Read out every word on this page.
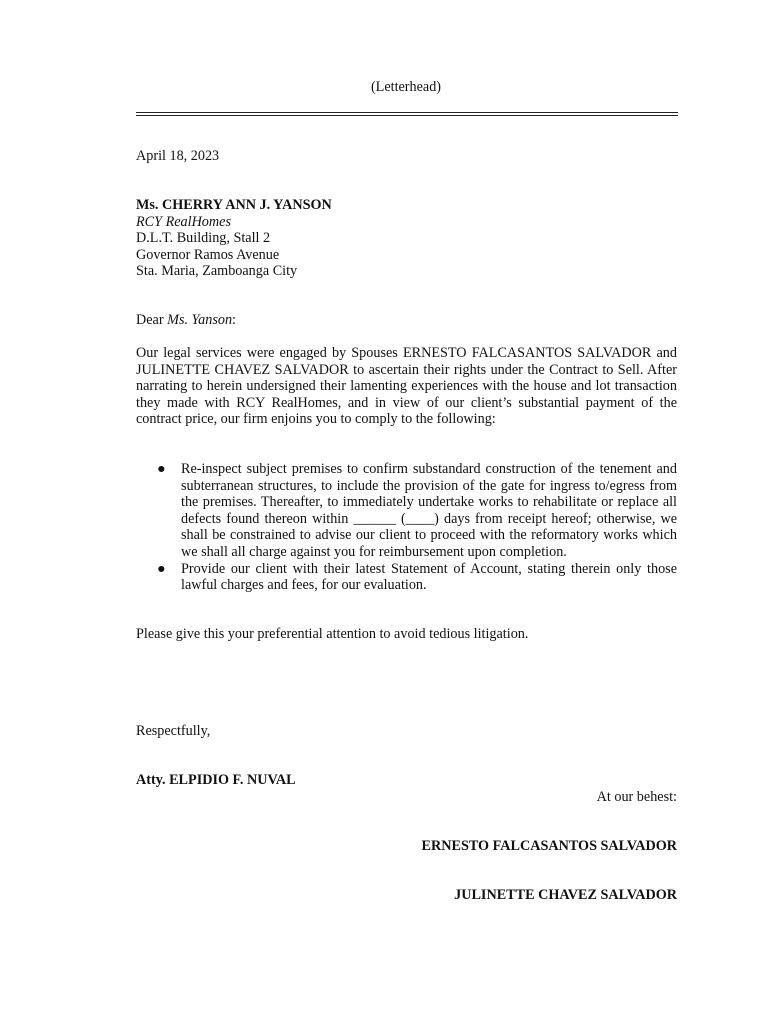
(Letterhead)
April 18, 2023
Ms. CHERRY ANN J. YANSON
RCY RealHomes
D.L.T. Building, Stall 2
Governor Ramos Avenue
Sta. Maria, Zamboanga City
Dear Ms. Yanson:
Our legal services were engaged by Spouses ERNESTO FALCASANTOS SALVADOR and JULINETTE CHAVEZ SALVADOR to ascertain their rights under the Contract to Sell. After narrating to herein undersigned their lamenting experiences with the house and lot transaction they made with RCY RealHomes, and in view of our client’s substantial payment of the contract price, our firm enjoins you to comply to the following:
● Re-inspect subject premises to confirm substandard construction of the tenement and subterranean structures, to include the provision of the gate for ingress to/egress from the premises. Thereafter, to immediately undertake works to rehabilitate or replace all defects found thereon within ______ (____) days from receipt hereof; otherwise, we shall be constrained to advise our client to proceed with the reformatory works which we shall all charge against you for reimbursement upon completion.
● Provide our client with their latest Statement of Account, stating therein only those lawful charges and fees, for our evaluation.
Please give this your preferential attention to avoid tedious litigation.
Respectfully,
Atty. ELPIDIO F. NUVAL
At our behest:
ERNESTO FALCASANTOS SALVADOR
JULINETTE CHAVEZ SALVADOR
